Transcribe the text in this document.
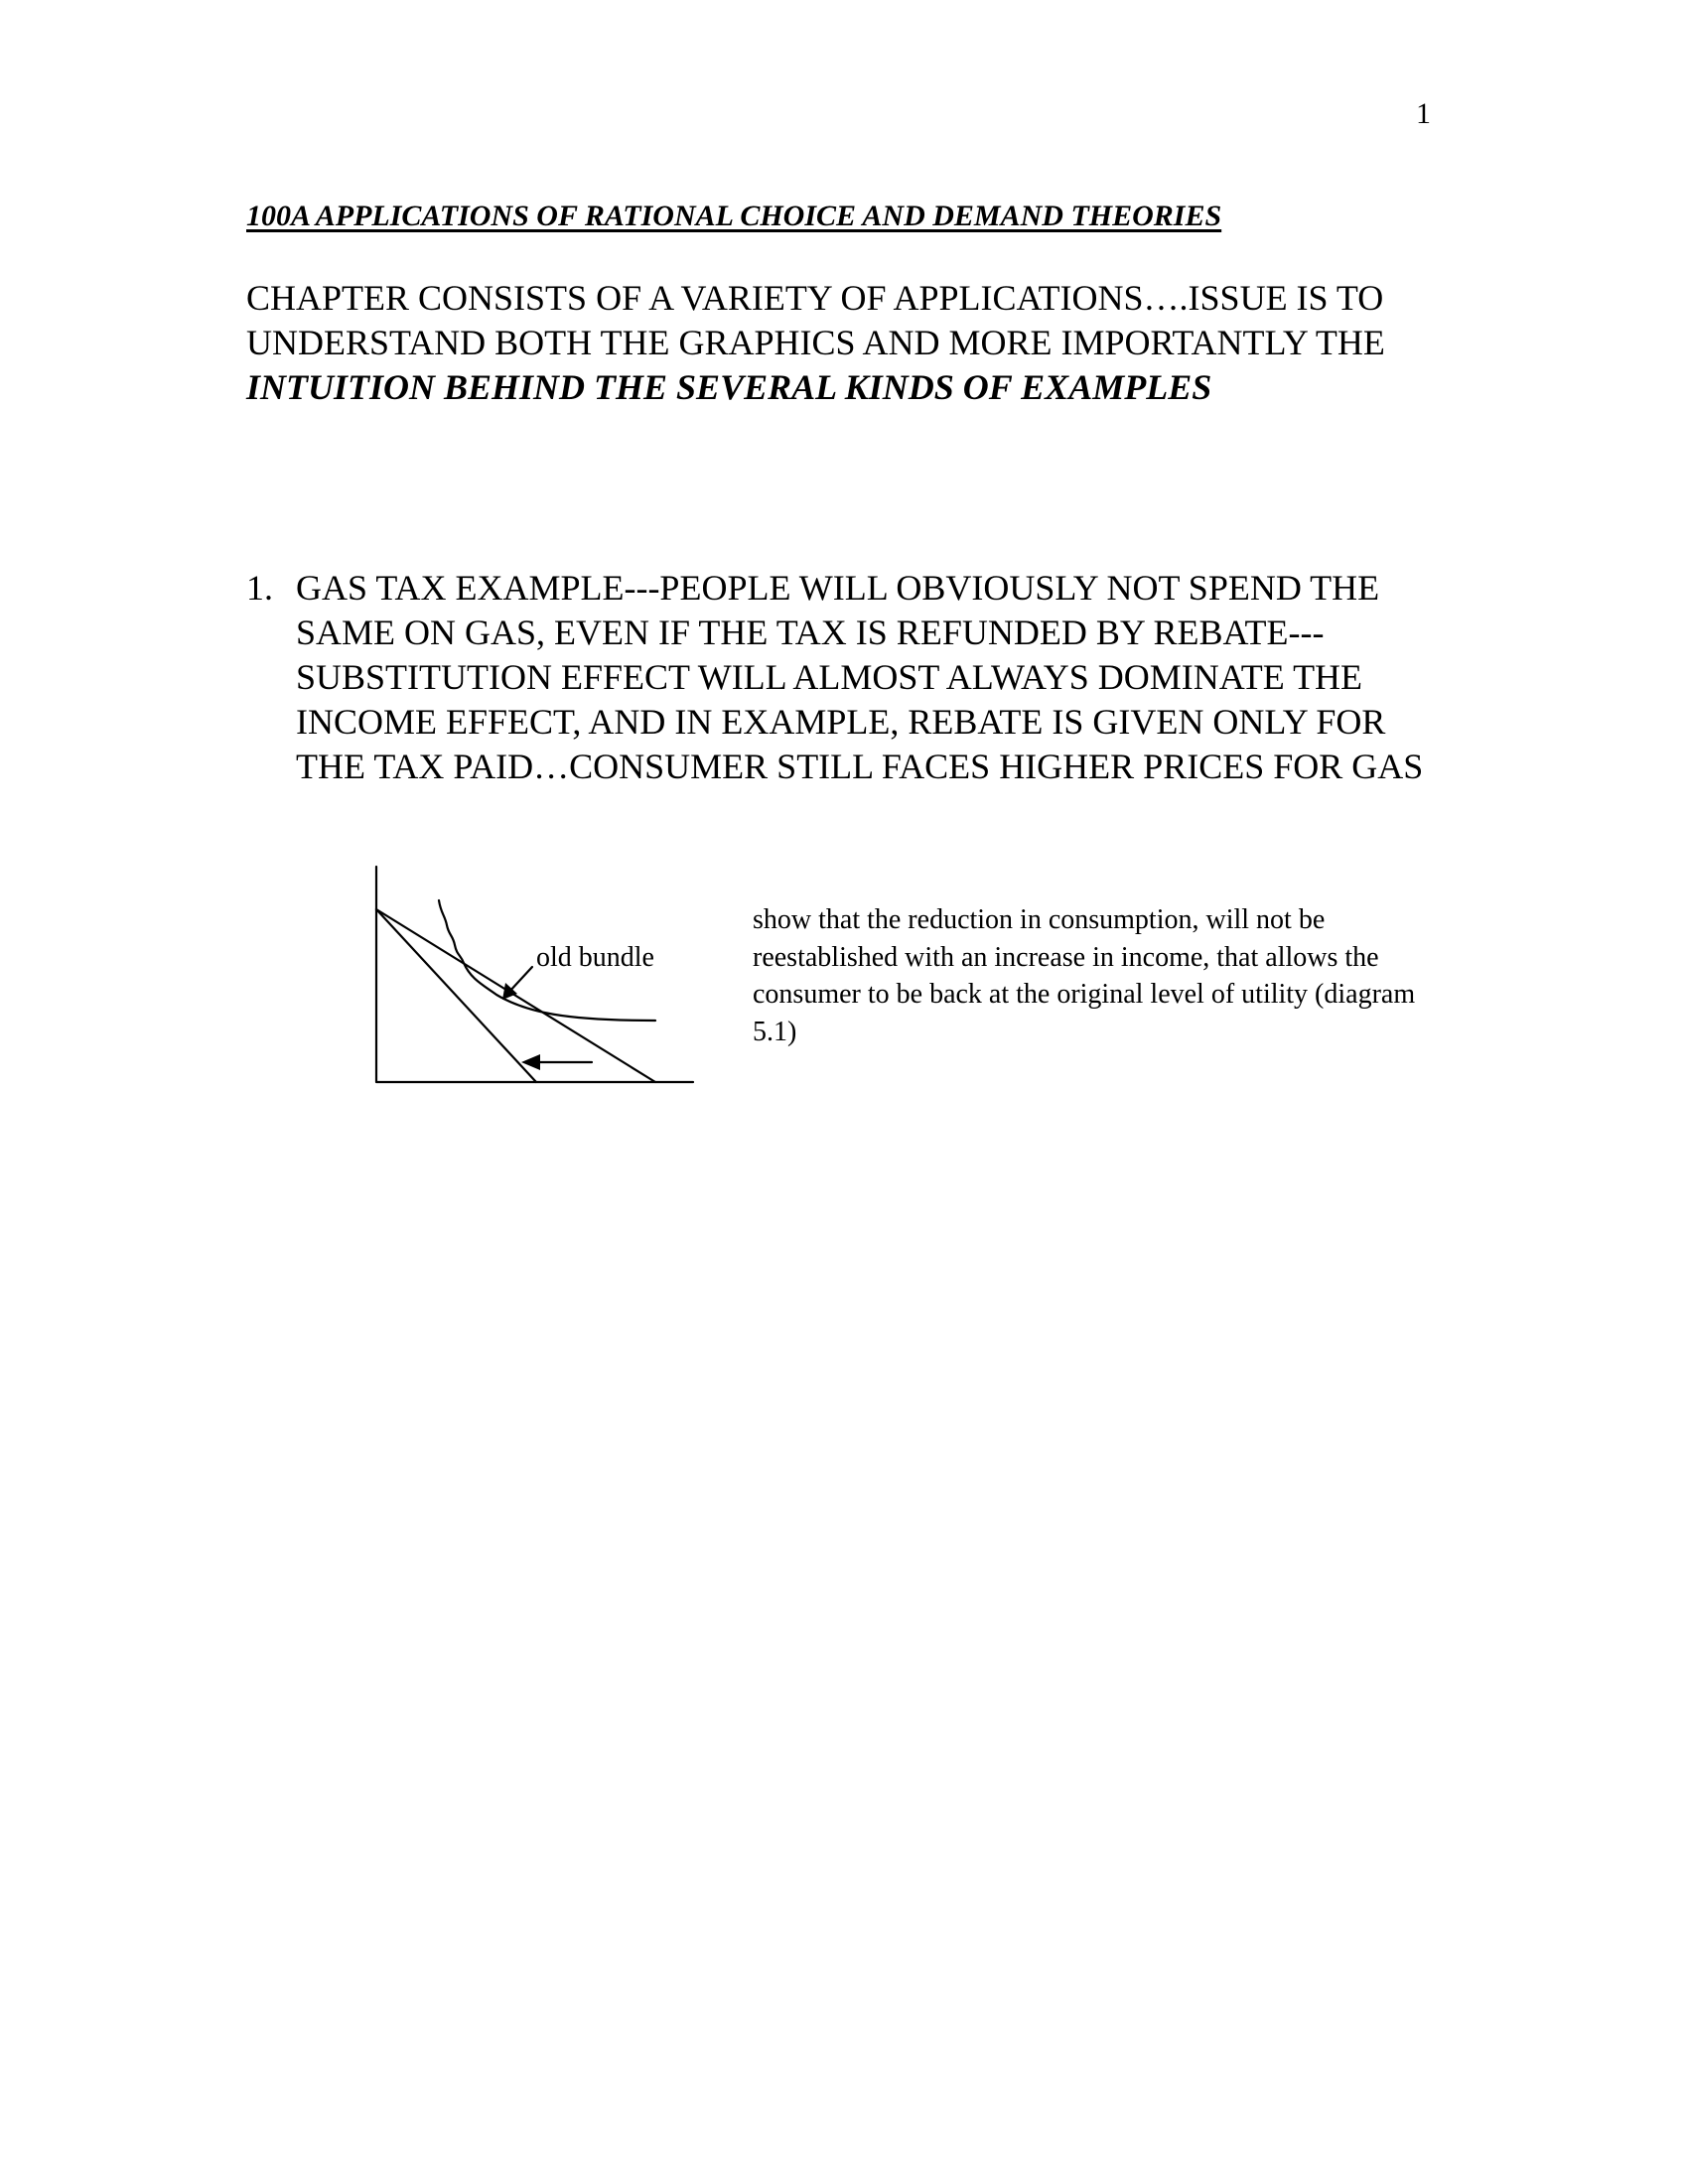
1
100A APPLICATIONS OF RATIONAL CHOICE AND DEMAND THEORIES

CHAPTER CONSISTS OF A VARIETY OF APPLICATIONS….ISSUE IS TO UNDERSTAND BOTH THE GRAPHICS AND MORE IMPORTANTLY THE INTUITION BEHIND THE SEVERAL KINDS OF EXAMPLES

1. GAS TAX EXAMPLE---PEOPLE WILL OBVIOUSLY NOT SPEND THE SAME ON GAS, EVEN IF THE TAX IS REFUNDED BY REBATE---SUBSTITUTION EFFECT WILL ALMOST ALWAYS DOMINATE THE INCOME EFFECT, AND IN EXAMPLE, REBATE IS GIVEN ONLY FOR THE TAX PAID…CONSUMER STILL FACES HIGHER PRICES FOR GAS
old bundle
show that the reduction in consumption, will not be reestablished with an increase in income, that allows the consumer to be back at the original level of utility (diagram 5.1)
